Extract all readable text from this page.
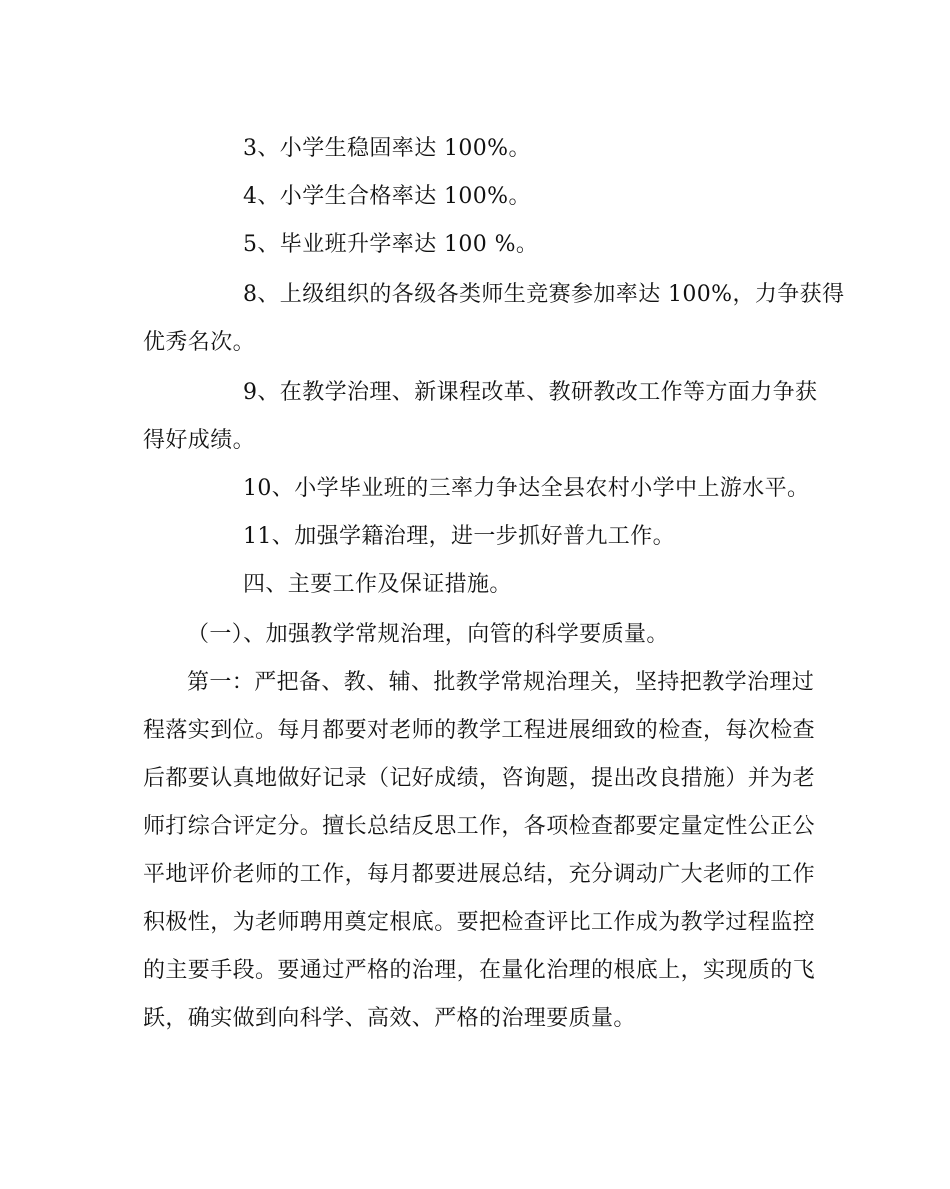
3、小学生稳固率达 100%。
4、小学生合格率达 100%。
5、毕业班升学率达 100 %。
8、上级组织的各级各类师生竞赛参加率达 100%，力争获得
优秀名次。
9、在教学治理、新课程改革、教研教改工作等方面力争获
得好成绩。
10、小学毕业班的三率力争达全县农村小学中上游水平。
11、加强学籍治理，进一步抓好普九工作。
四、主要工作及保证措施。
（一）、加强教学常规治理，向管的科学要质量。
第一：严把备、教、辅、批教学常规治理关，坚持把教学治理过
程落实到位。每月都要对老师的教学工程进展细致的检查，每次检查
后都要认真地做好记录（记好成绩，咨询题，提出改良措施）并为老
师打综合评定分。擅长总结反思工作，各项检查都要定量定性公正公
平地评价老师的工作，每月都要进展总结，充分调动广大老师的工作
积极性，为老师聘用奠定根底。要把检查评比工作成为教学过程监控
的主要手段。要通过严格的治理，在量化治理的根底上，实现质的飞
跃，确实做到向科学、高效、严格的治理要质量。
